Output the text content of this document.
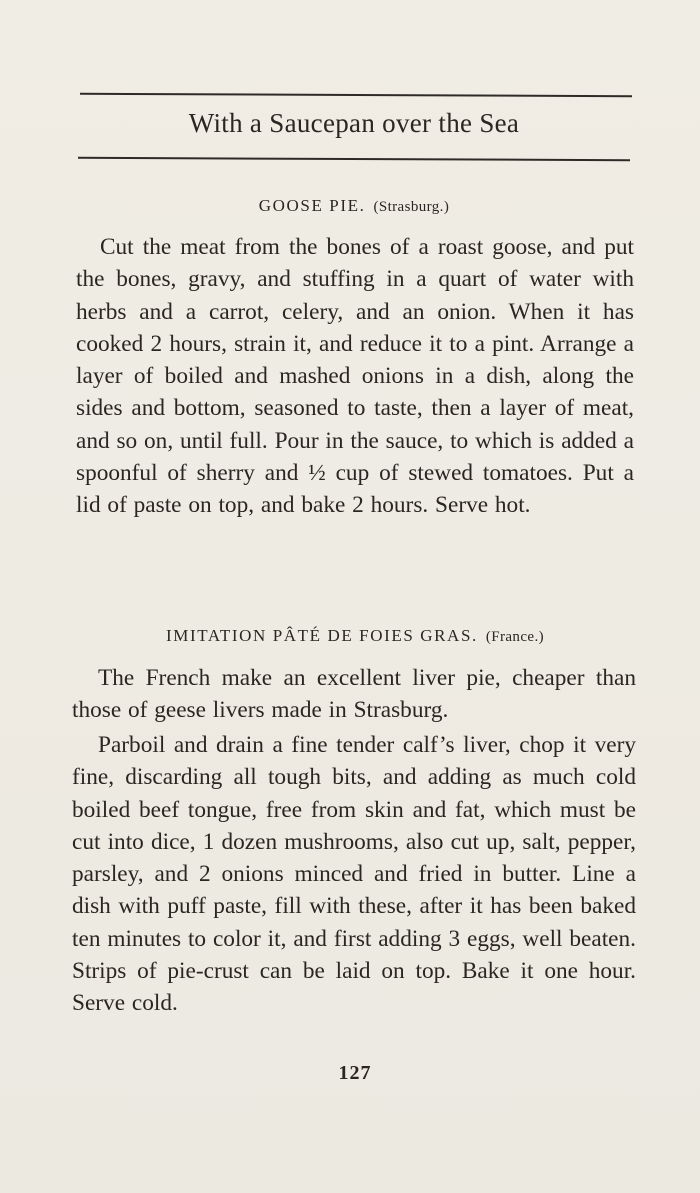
With a Saucepan over the Sea
GOOSE PIE. (Strasburg.)

Cut the meat from the bones of a roast goose, and put the bones, gravy, and stuffing in a quart of water with herbs and a carrot, celery, and an onion. When it has cooked 2 hours, strain it, and reduce it to a pint. Arrange a layer of boiled and mashed onions in a dish, along the sides and bottom, seasoned to taste, then a layer of meat, and so on, until full. Pour in the sauce, to which is added a spoonful of sherry and ½ cup of stewed tomatoes. Put a lid of paste on top, and bake 2 hours. Serve hot.

IMITATION PÂTÉ DE FOIES GRAS. (France.)

The French make an excellent liver pie, cheaper than those of geese livers made in Strasburg.

Parboil and drain a fine tender calf’s liver, chop it very fine, discarding all tough bits, and adding as much cold boiled beef tongue, free from skin and fat, which must be cut into dice, 1 dozen mushrooms, also cut up, salt, pepper, parsley, and 2 onions minced and fried in butter. Line a dish with puff paste, fill with these, after it has been baked ten minutes to color it, and first adding 3 eggs, well beaten. Strips of pie-crust can be laid on top. Bake it one hour. Serve cold.

127
